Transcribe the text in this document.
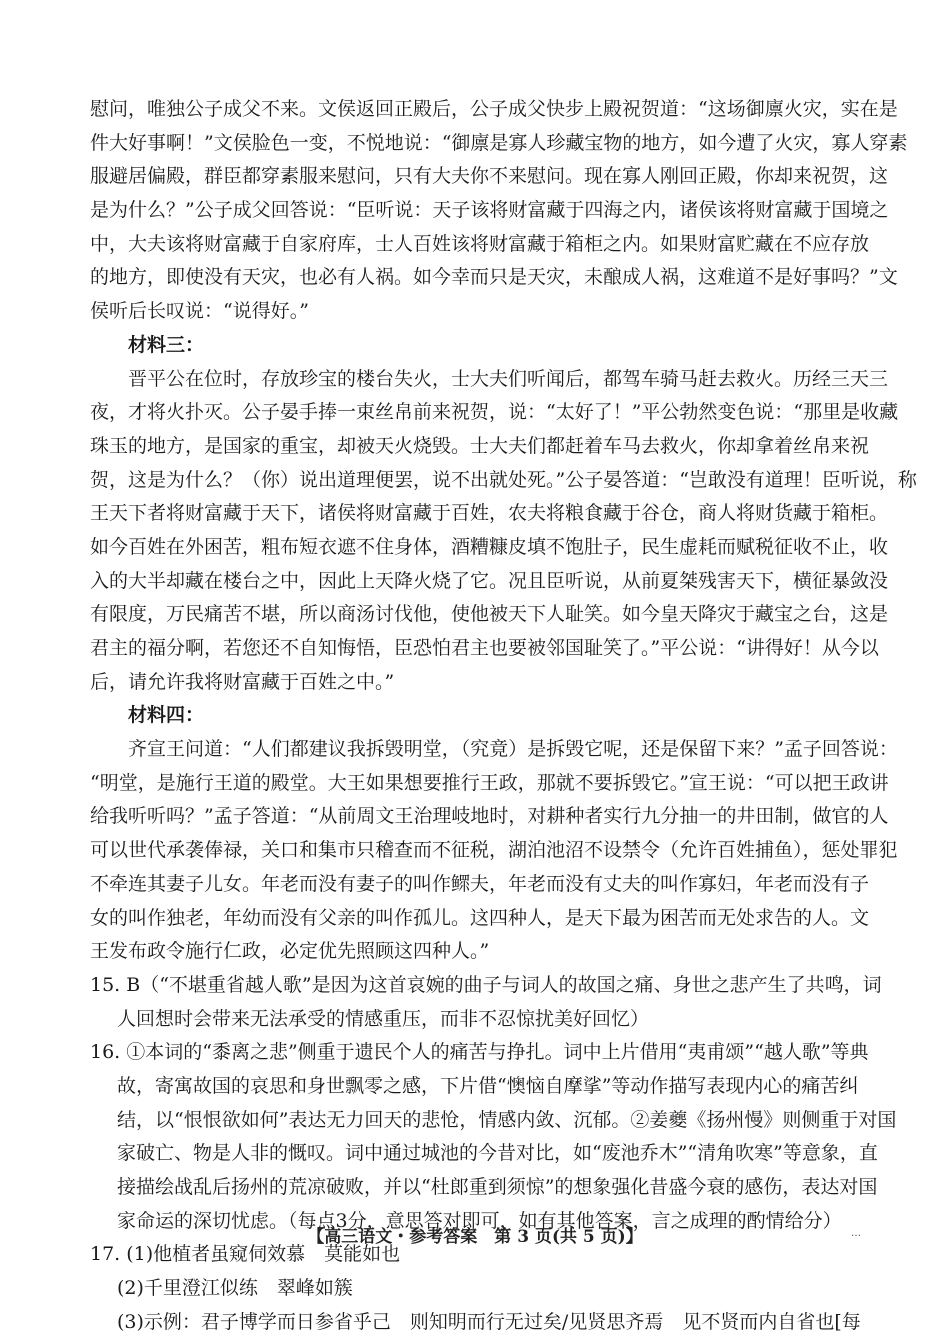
慰问，唯独公子成父不来。文侯返回正殿后，公子成父快步上殿祝贺道：“这场御廪火灾，实在是
件大好事啊！”文侯脸色一变，不悦地说：“御廪是寡人珍藏宝物的地方，如今遭了火灾，寡人穿素
服避居偏殿，群臣都穿素服来慰问，只有大夫你不来慰问。现在寡人刚回正殿，你却来祝贺，这
是为什么？”公子成父回答说：“臣听说：天子该将财富藏于四海之内，诸侯该将财富藏于国境之
中，大夫该将财富藏于自家府库，士人百姓该将财富藏于箱柜之内。如果财富贮藏在不应存放
的地方，即使没有天灾，也必有人祸。如今幸而只是天灾，未酿成人祸，这难道不是好事吗？”文
侯听后长叹说：“说得好。”
材料三：
晋平公在位时，存放珍宝的楼台失火，士大夫们听闻后，都驾车骑马赶去救火。历经三天三
夜，才将火扑灭。公子晏手捧一束丝帛前来祝贺，说：“太好了！”平公勃然变色说：“那里是收藏
珠玉的地方，是国家的重宝，却被天火烧毁。士大夫们都赶着车马去救火，你却拿着丝帛来祝
贺，这是为什么？（你）说出道理便罢，说不出就处死。”公子晏答道：“岂敢没有道理！臣听说，称
王天下者将财富藏于天下，诸侯将财富藏于百姓，农夫将粮食藏于谷仓，商人将财货藏于箱柜。
如今百姓在外困苦，粗布短衣遮不住身体，酒糟糠皮填不饱肚子，民生虚耗而赋税征收不止，收
入的大半却藏在楼台之中，因此上天降火烧了它。况且臣听说，从前夏桀残害天下，横征暴敛没
有限度，万民痛苦不堪，所以商汤讨伐他，使他被天下人耻笑。如今皇天降灾于藏宝之台，这是
君主的福分啊，若您还不自知悔悟，臣恐怕君主也要被邻国耻笑了。”平公说：“讲得好！从今以
后，请允许我将财富藏于百姓之中。”
材料四：
齐宣王问道：“人们都建议我拆毁明堂，（究竟）是拆毁它呢，还是保留下来？”孟子回答说：
“明堂，是施行王道的殿堂。大王如果想要推行王政，那就不要拆毁它。”宣王说：“可以把王政讲
给我听听吗？”孟子答道：“从前周文王治理岐地时，对耕种者实行九分抽一的井田制，做官的人
可以世代承袭俸禄，关口和集市只稽查而不征税，湖泊池沼不设禁令（允许百姓捕鱼），惩处罪犯
不牵连其妻子儿女。年老而没有妻子的叫作鳏夫，年老而没有丈夫的叫作寡妇，年老而没有子
女的叫作独老，年幼而没有父亲的叫作孤儿。这四种人，是天下最为困苦而无处求告的人。文
王发布政令施行仁政，必定优先照顾这四种人。”
15. B（“不堪重省越人歌”是因为这首哀婉的曲子与词人的故国之痛、身世之悲产生了共鸣，词
人回想时会带来无法承受的情感重压，而非不忍惊扰美好回忆）
16. ①本词的“黍离之悲”侧重于遗民个人的痛苦与挣扎。词中上片借用“夷甫颂”“越人歌”等典
故，寄寓故国的哀思和身世飘零之感，下片借“懊恼自摩挲”等动作描写表现内心的痛苦纠
结，以“恨恨欲如何”表达无力回天的悲怆，情感内敛、沉郁。②姜夔《扬州慢》则侧重于对国
家破亡、物是人非的慨叹。词中通过城池的今昔对比，如“废池乔木”“清角吹寒”等意象，直
接描绘战乱后扬州的荒凉破败，并以“杜郎重到须惊”的想象强化昔盛今衰的感伤，表达对国
家命运的深切忧虑。（每点3分，意思答对即可，如有其他答案，言之成理的酌情给分）
17. (1)他植者虽窥伺效慕　莫能如也
(2)千里澄江似练　翠峰如簇
(3)示例：君子博学而日参省乎己　则知明而行无过矣/见贤思齐焉　见不贤而内自省也[每
【高三语文・参考答案　第 3 页(共 5 页)】	…
